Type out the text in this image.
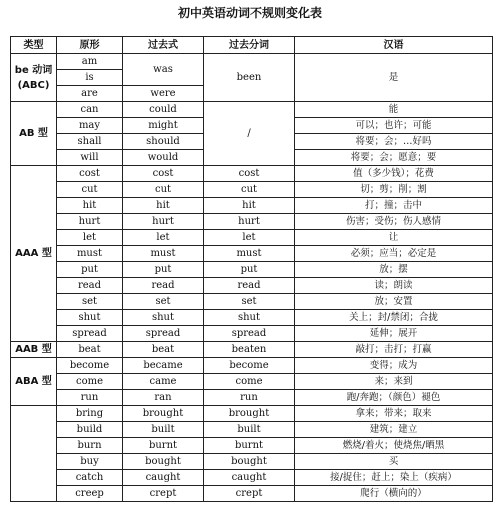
初中英语动词不规则变化表
类型	原形	过去式	过去分词	汉语
be 动词
(ABC)	am	was	been	是
	is			
	are	were		
AB 型	can	could	/	能
	may	might		可以；也许；可能
	shall	should		将要；会；…好吗
	will	would		将要；会；愿意；要
AAA 型	cost	cost	cost	值（多少钱）；花费
	cut	cut	cut	切；剪；削；割
	hit	hit	hit	打；撞；击中
	hurt	hurt	hurt	伤害；受伤；伤人感情
	let	let	let	让
	must	must	must	必须；应当；必定是
	put	put	put	放；摆
	read	read	read	读；朗读
	set	set	set	放；安置
	shut	shut	shut	关上；封/禁闭；合拢
	spread	spread	spread	延伸；展开
AAB 型	beat	beat	beaten	敲打；击打；打赢
ABA 型	become	became	become	变得；成为
	come	came	come	来；来到
	run	ran	run	跑/奔跑；（颜色）褪色
	bring	brought	brought	拿来；带来；取来
	build	built	built	建筑；建立
	burn	burnt	burnt	燃烧/着火；使烧焦/晒黑
	buy	bought	bought	买
	catch	caught	caught	接/捉住；赶上；染上（疾病）
	creep	crept	crept	爬行（横向的）
